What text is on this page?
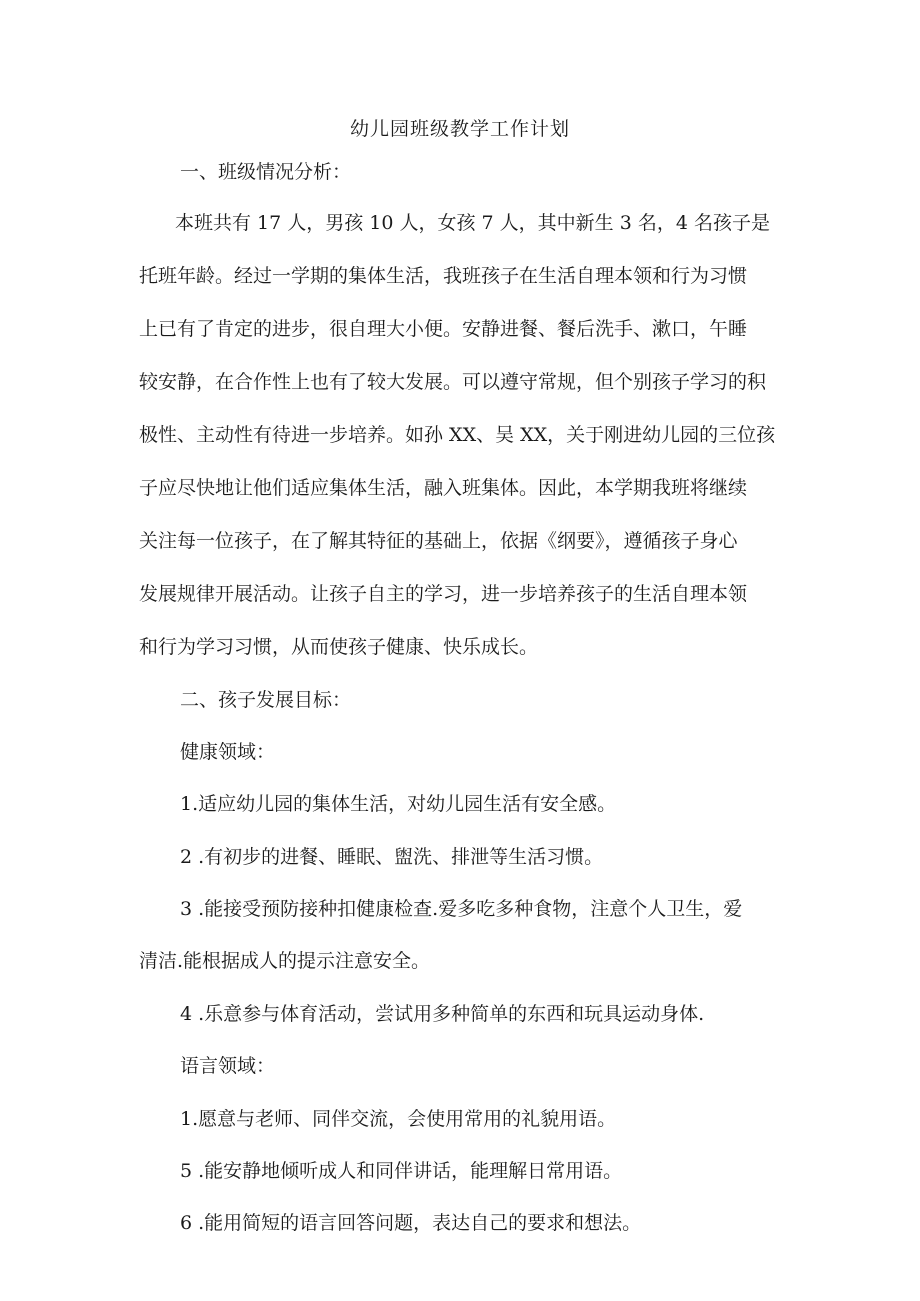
幼儿园班级教学工作计划
一、班级情况分析：
本班共有 17 人，男孩 10 人，女孩 7 人，其中新生 3 名，4 名孩子是
托班年龄。经过一学期的集体生活，我班孩子在生活自理本领和行为习惯
上已有了肯定的进步，很自理大小便。安静进餐、餐后洗手、漱口，午睡
较安静，在合作性上也有了较大发展。可以遵守常规，但个别孩子学习的积
极性、主动性有待进一步培养。如孙 XX、吴 XX，关于刚进幼儿园的三位孩
子应尽快地让他们适应集体生活，融入班集体。因此，本学期我班将继续
关注每一位孩子，在了解其特征的基础上，依据《纲要》，遵循孩子身心
发展规律开展活动。让孩子自主的学习，进一步培养孩子的生活自理本领
和行为学习习惯，从而使孩子健康、快乐成长。
二、孩子发展目标：
健康领域：
1.适应幼儿园的集体生活，对幼儿园生活有安全感。
2 .有初步的进餐、睡眠、盥洗、排泄等生活习惯。
3 .能接受预防接种扣健康检查.爱多吃多种食物，注意个人卫生，爱
清洁.能根据成人的提示注意安全。
4 .乐意参与体育活动，尝试用多种简单的东西和玩具运动身体.
语言领域：
1.愿意与老师、同伴交流，会使用常用的礼貌用语。
5 .能安静地倾听成人和同伴讲话，能理解日常用语。
6 .能用简短的语言回答问题，表达自己的要求和想法。
